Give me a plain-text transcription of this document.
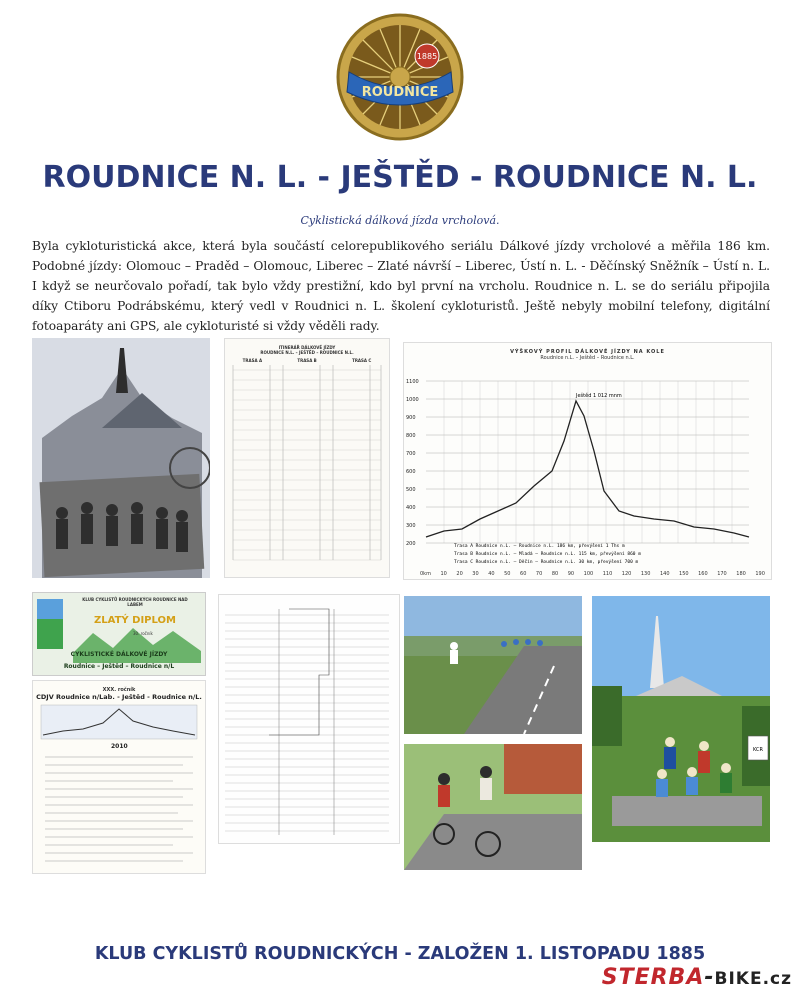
1885
ROUDNICE
ROUDNICE N. L. - JEŠTĚD - ROUDNICE N. L.
Cyklistická dálková jízda vrcholová.
Byla cykloturistická akce, která byla součástí celorepublikového seriálu Dálkové jízdy vrcholové a měřila 186 km. Podobné jízdy: Olomouc – Praděd – Olomouc, Liberec – Zlaté návrší – Liberec, Ústí n. L. - Děčínský Sněžník – Ústí n. L. I když se neurčovalo pořadí, tak bylo vždy prestižní, kdo byl první na vrcholu. Roudnice n. L. se do seriálu připojila díky Ctiboru Podrábskému, který vedl v Roudnici n. L. školení cykloturistů. Ještě nebyly mobilní telefony, digitální fotoaparáty ani GPS, ale cykloturisté si vždy věděli rady.
ITINERÁŘ DÁLKOVÉ JÍZDY
ROUDNICE N.L. – JEŠTĚD – ROUDNICE N.L.
TRASA A	TRASA B	TRASA C
VÝŠKOVÝ PROFIL DÁLKOVÉ JÍZDY NA KOLE
Roudnice n.L. – Ještěd – Roudnice n.L.
Ještěd 1 012 mnm
Trasa A Roudnice n.L. – Roudnice n.L. 186 km, převýšení 1 Ths m
Trasa B Roudnice n.L. – Mladá – Roudnice n.L. 115 km, převýšení 860 m
Trasa C Roudnice n.L. – Děčín – Roudnice n.L. 30 km, převýšení 700 m
1100
1000
900
800
700
600
500
400
300
200
0km 10 20 30 40 50 60 70 80 90 100 110 120 130 140 150 160 170 180 190
KLUB CYKLISTŮ ROUDNICKÝCH ROUDNICE NAD LABEM
ZLATÝ DIPLOM
30. ročník
CYKLISTICKÉ DÁLKOVÉ JÍZDY
Roudnice – Ještěd – Roudnice n/L
XXX. ročník
CDJV Roudnice n/Lab. - Ještěd - Roudnice n/L.
2010	KCR
KLUB CYKLISTŮ ROUDNICKÝCH - ZALOŽEN 1. LISTOPADU 1885
STERBA-BIKE.cz
